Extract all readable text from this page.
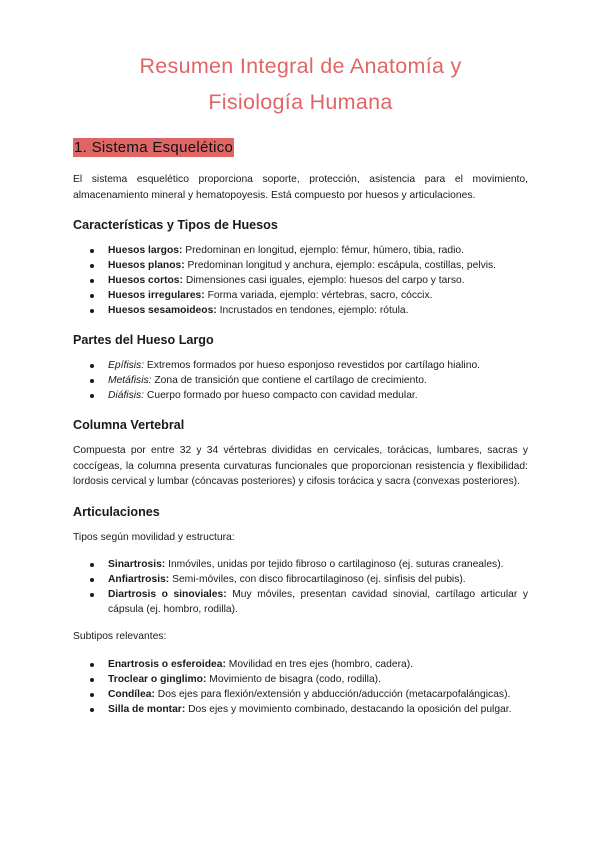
Resumen Integral de Anatomía y
Fisiología Humana
1. Sistema Esquelético

El sistema esquelético proporciona soporte, protección, asistencia para el movimiento, almacenamiento mineral y hematopoyesis. Está compuesto por huesos y articulaciones.

Características y Tipos de Huesos
Huesos largos: Predominan en longitud, ejemplo: fémur, húmero, tibia, radio.
Huesos planos: Predominan longitud y anchura, ejemplo: escápula, costillas, pelvis.
Huesos cortos: Dimensiones casi iguales, ejemplo: huesos del carpo y tarso.
Huesos irregulares: Forma variada, ejemplo: vértebras, sacro, cóccix.
Huesos sesamoideos: Incrustados en tendones, ejemplo: rótula.
Partes del Hueso Largo
Epífisis: Extremos formados por hueso esponjoso revestidos por cartílago hialino.
Metáfisis: Zona de transición que contiene el cartílago de crecimiento.
Diáfisis: Cuerpo formado por hueso compacto con cavidad medular.
Columna Vertebral

Compuesta por entre 32 y 34 vértebras divididas en cervicales, torácicas, lumbares, sacras y coccígeas, la columna presenta curvaturas funcionales que proporcionan resistencia y flexibilidad: lordosis cervical y lumbar (cóncavas posteriores) y cifosis torácica y sacra (convexas posteriores).

Articulaciones

Tipos según movilidad y estructura:

Sinartrosis: Inmóviles, unidas por tejido fibroso o cartilaginoso (ej. suturas craneales).
Anfiartrosis: Semi-móviles, con disco fibrocartilaginoso (ej. sínfisis del pubis).
Diartrosis o sinoviales: Muy móviles, presentan cavidad sinovial, cartílago articular y cápsula (ej. hombro, rodilla).

Subtipos relevantes:

Enartrosis o esferoidea: Movilidad en tres ejes (hombro, cadera).
Troclear o ginglimo: Movimiento de bisagra (codo, rodilla).
Condílea: Dos ejes para flexión/extensión y abducción/aducción (metacarpofalángicas).
Silla de montar: Dos ejes y movimiento combinado, destacando la oposición del pulgar.
